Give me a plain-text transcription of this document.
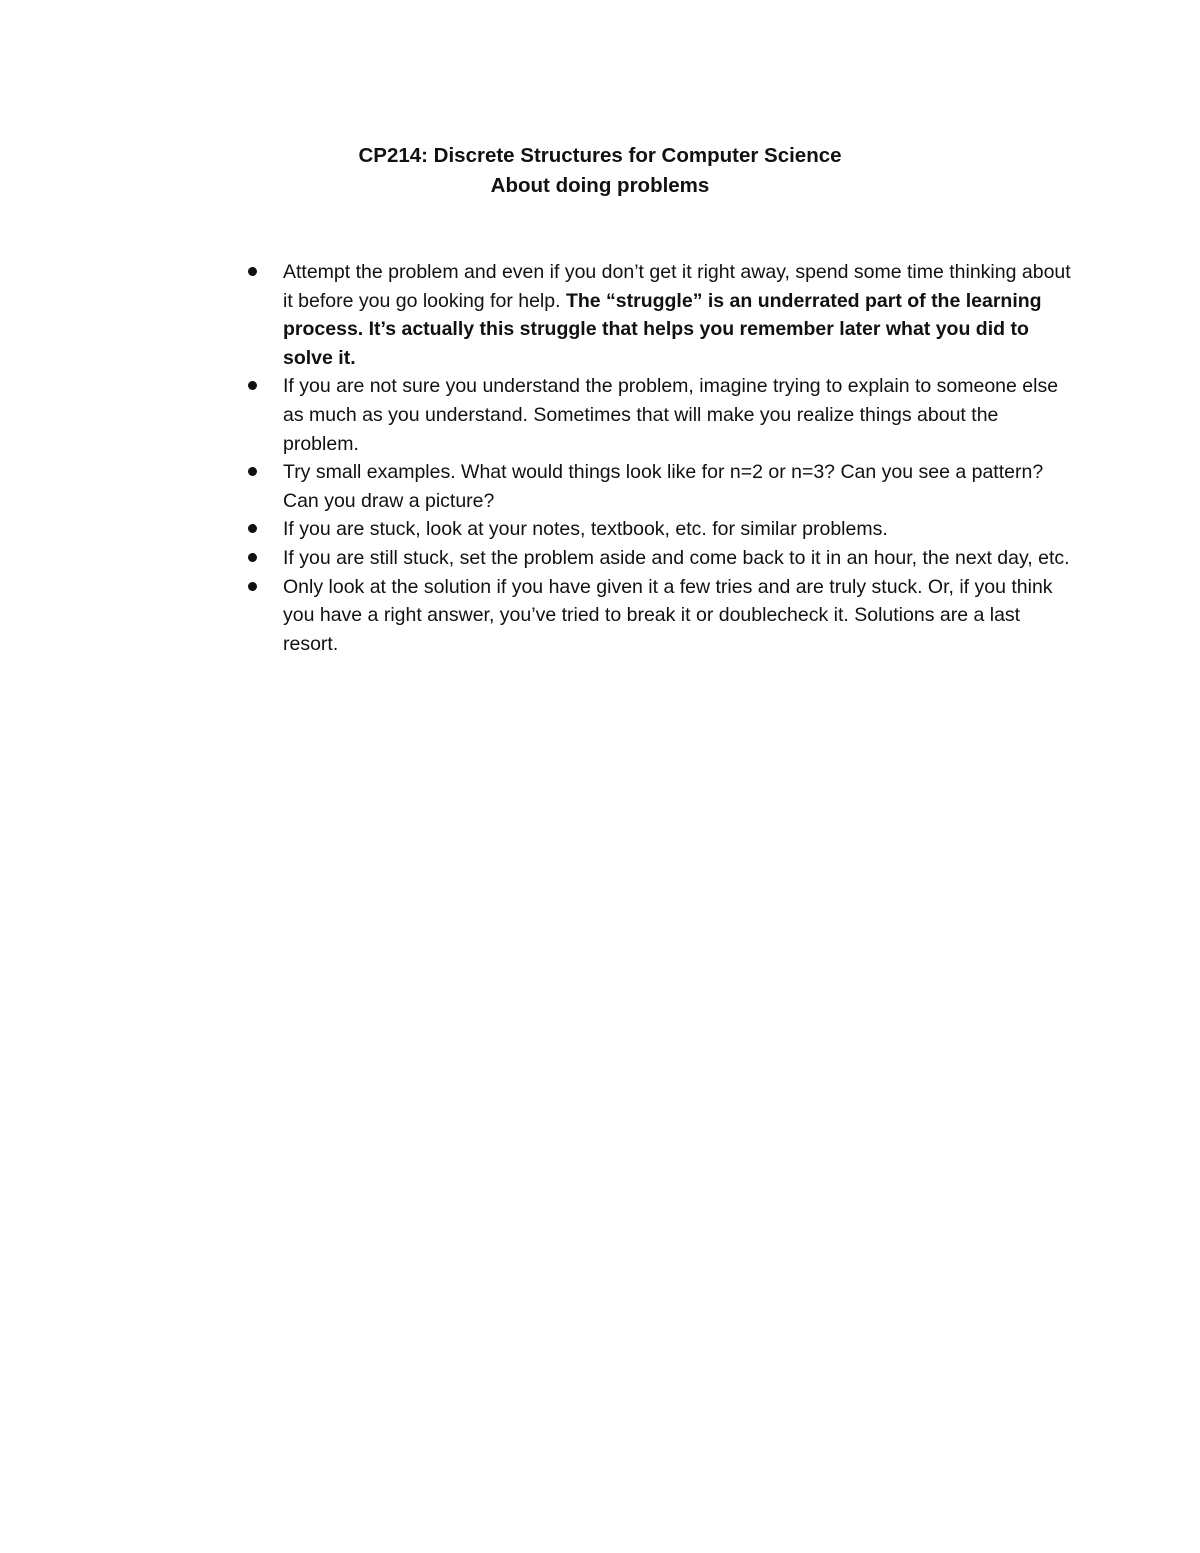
CP214: Discrete Structures for Computer Science
About doing problems
Attempt the problem and even if you don’t get it right away, spend some time thinking about it before you go looking for help. The “struggle” is an underrated part of the learning process. It’s actually this struggle that helps you remember later what you did to solve it.
If you are not sure you understand the problem, imagine trying to explain to someone else as much as you understand. Sometimes that will make you realize things about the problem.
Try small examples. What would things look like for n=2 or n=3? Can you see a pattern? Can you draw a picture?
If you are stuck, look at your notes, textbook, etc. for similar problems.
If you are still stuck, set the problem aside and come back to it in an hour, the next day, etc.
Only look at the solution if you have given it a few tries and are truly stuck. Or, if you think you have a right answer, you’ve tried to break it or doublecheck it. Solutions are a last resort.
